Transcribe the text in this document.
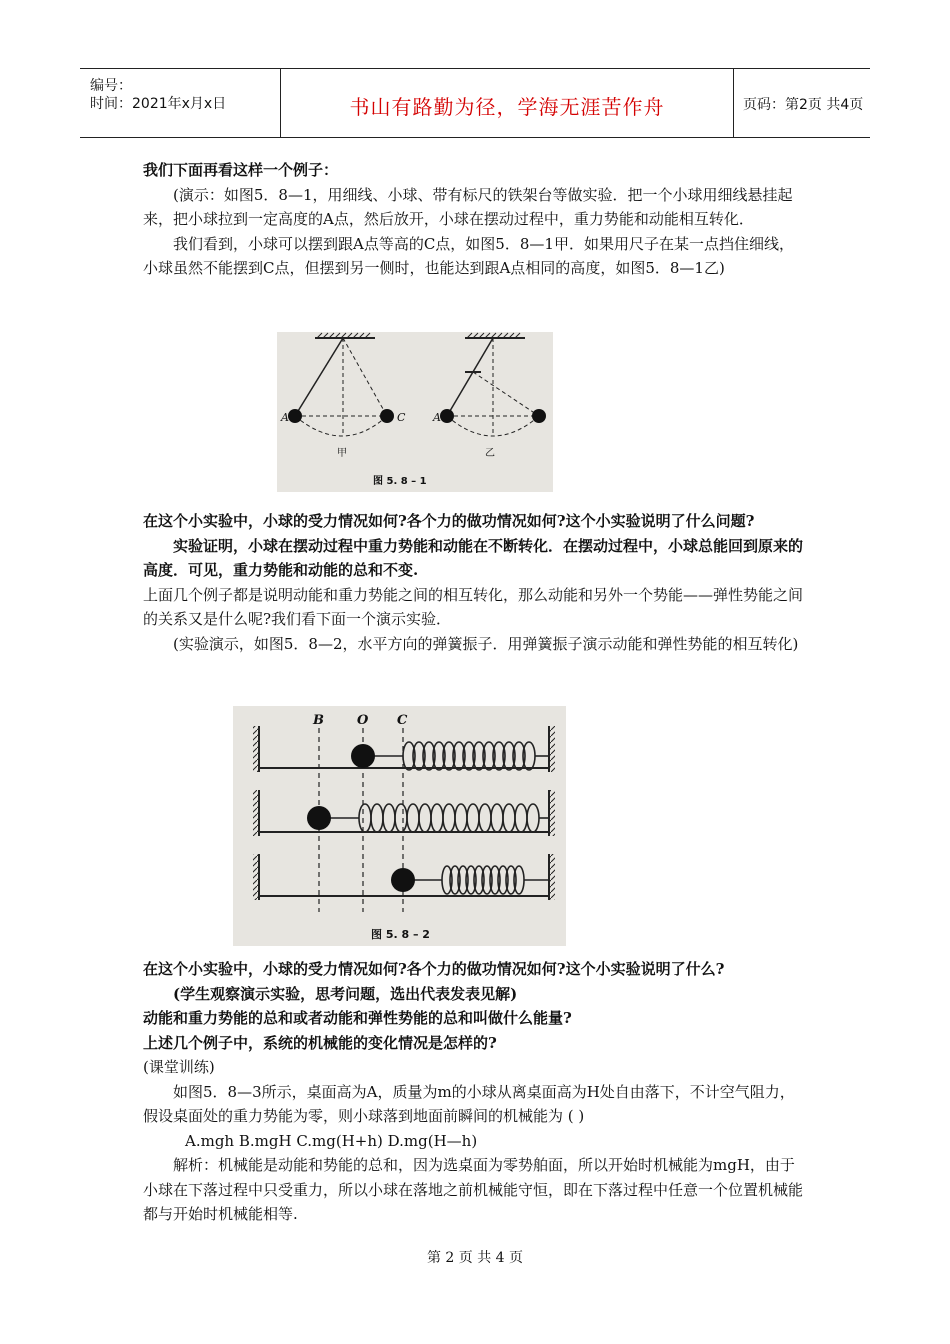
编号：
时间：2021年x月x日	书山有路勤为径，学海无涯苦作舟	页码：第2页 共4页

我们下面再看这样一个例子：

(演示：如图5．8—1，用细线、小球、带有标尺的铁架台等做实验．把一个小球用细线悬挂起来，把小球拉到一定高度的A点，然后放开，小球在摆动过程中，重力势能和动能相互转化．

我们看到，小球可以摆到跟A点等高的C点，如图5．8—1甲．如果用尺子在某一点挡住细线，小球虽然不能摆到C点，但摆到另一侧时，也能达到跟A点相同的高度，如图5．8—1乙)

A	C
甲
A
乙
图 5. 8 – 1

在这个小实验中，小球的受力情况如何?各个力的做功情况如何?这个小实验说明了什么问题?

实验证明，小球在摆动过程中重力势能和动能在不断转化．在摆动过程中，小球总能回到原来的高度．可见，重力势能和动能的总和不变.

上面几个例子都是说明动能和重力势能之间的相互转化，那么动能和另外一个势能——弹性势能之间的关系又是什么呢?我们看下面一个演示实验．

(实验演示，如图5．8—2，水平方向的弹簧振子．用弹簧振子演示动能和弹性势能的相互转化)

B	O C
图 5. 8 – 2

在这个小实验中，小球的受力情况如何?各个力的做功情况如何?这个小实验说明了什么?

(学生观察演示实验，思考问题，选出代表发表见解)

动能和重力势能的总和或者动能和弹性势能的总和叫做什么能量?

上述几个例子中，系统的机械能的变化情况是怎样的?

(课堂训练)

如图5．8—3所示，桌面高为A，质量为m的小球从离桌面高为H处自由落下，不计空气阻力，假设桌面处的重力势能为零，则小球落到地面前瞬间的机械能为 ( )

A.mgh B.mgH C.mg(H+h) D.mg(H—h)

解析：机械能是动能和势能的总和，因为选桌面为零势舶面，所以开始时机械能为mgH，由于小球在下落过程中只受重力，所以小球在落地之前机械能守恒，即在下落过程中任意一个位置机械能都与开始时机械能相等.

第 2 页 共 4 页
